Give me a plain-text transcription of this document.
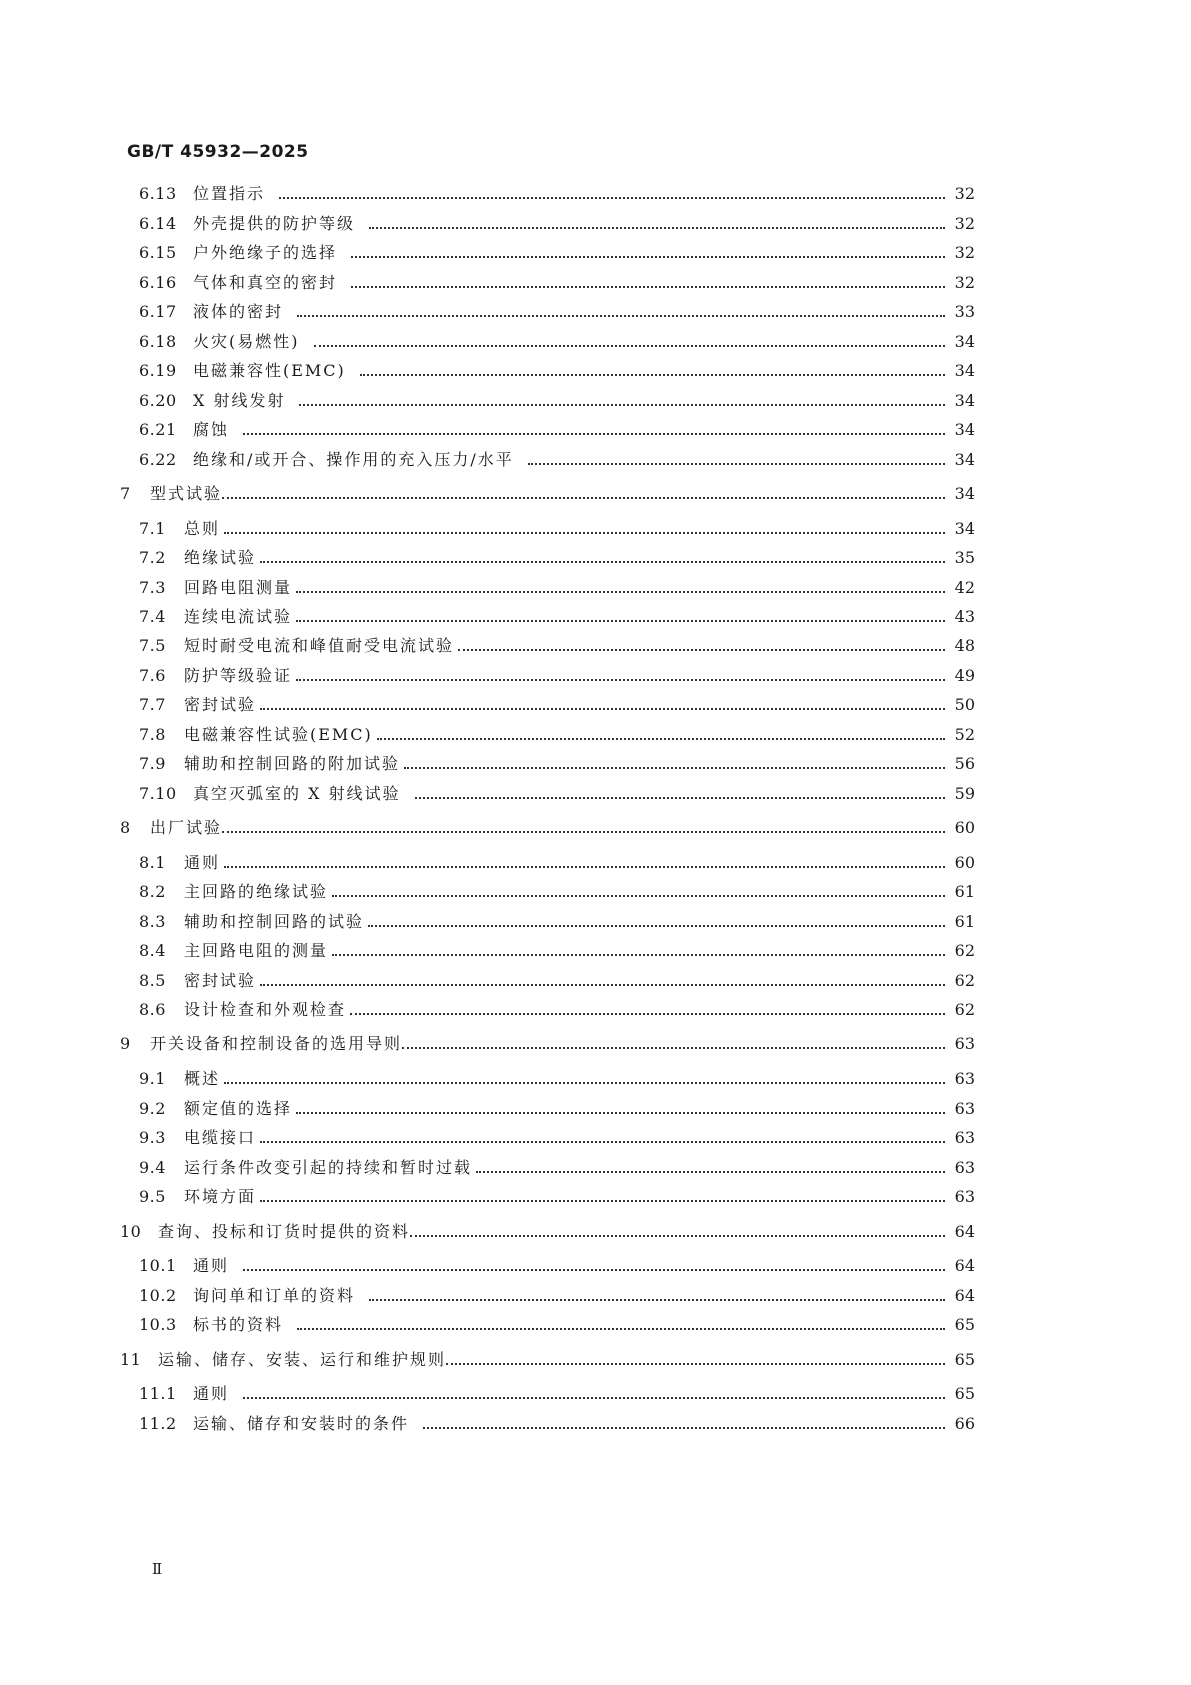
GB/T 45932—2025
6.13	位置指示	32
6.14	外壳提供的防护等级	32
6.15	户外绝缘子的选择	32
6.16	气体和真空的密封	32
6.17	液体的密封	33
6.18	火灾(易燃性)	34
6.19	电磁兼容性(EMC)	34
6.20	X 射线发射	34
6.21	腐蚀	34
6.22	绝缘和/或开合、操作用的充入压力/水平	34
7	型式试验	34
7.1	总则	34
7.2	绝缘试验	35
7.3	回路电阻测量	42
7.4	连续电流试验	43
7.5	短时耐受电流和峰值耐受电流试验	48
7.6	防护等级验证	49
7.7	密封试验	50
7.8	电磁兼容性试验(EMC)	52
7.9	辅助和控制回路的附加试验	56
7.10	真空灭弧室的 X 射线试验	59
8	出厂试验	60
8.1	通则	60
8.2	主回路的绝缘试验	61
8.3	辅助和控制回路的试验	61
8.4	主回路电阻的测量	62
8.5	密封试验	62
8.6	设计检查和外观检查	62
9	开关设备和控制设备的选用导则	63
9.1	概述	63
9.2	额定值的选择	63
9.3	电缆接口	63
9.4	运行条件改变引起的持续和暂时过载	63
9.5	环境方面	63
10	查询、投标和订货时提供的资料	64
10.1	通则	64
10.2	询问单和订单的资料	64
10.3	标书的资料	65
11	运输、储存、安装、运行和维护规则	65
11.1	通则	65
11.2	运输、储存和安装时的条件	66
Ⅱ
